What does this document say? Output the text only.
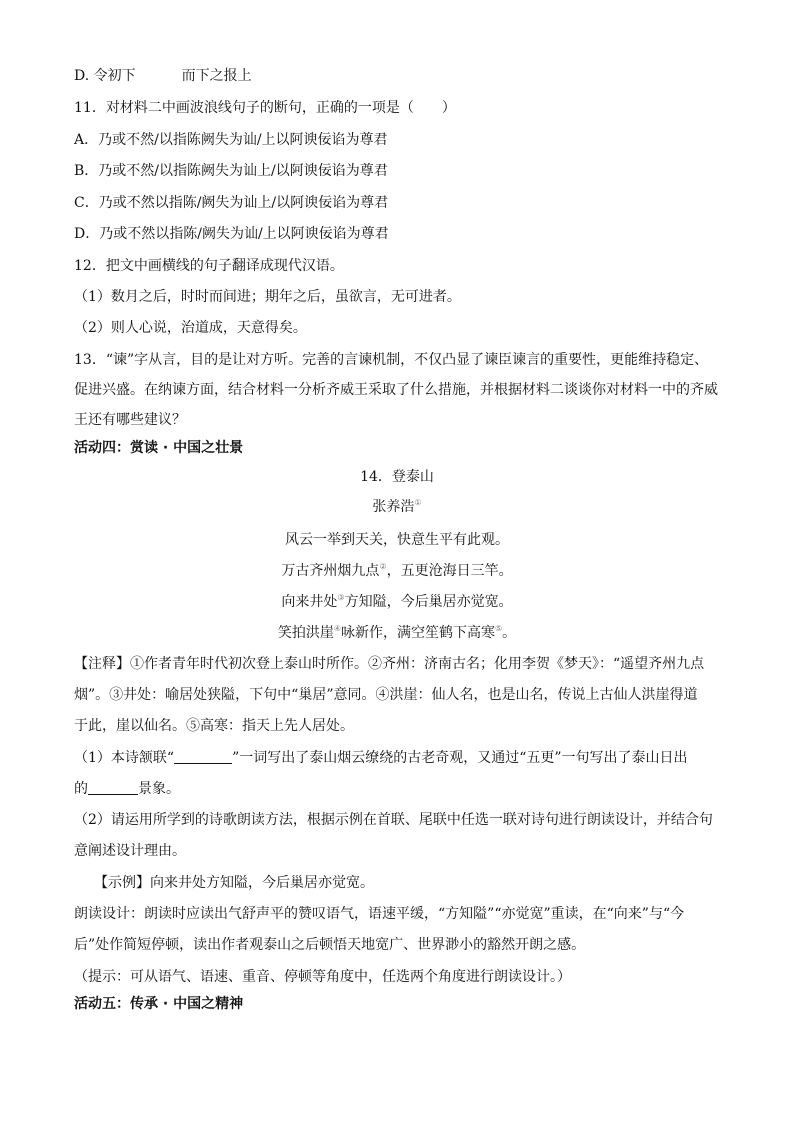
D. 令初下	而下之报上
11．对材料二中画波浪线句子的断句，正确的一项是（　　）
A．乃或不然/以指陈阙失为讪/上以阿谀佞谄为尊君
B．乃或不然/以指陈阙失为讪上/以阿谀佞谄为尊君
C．乃或不然以指陈/阙失为讪上/以阿谀佞谄为尊君
D．乃或不然以指陈/阙失为讪/上以阿谀佞谄为尊君
12．把文中画横线的句子翻译成现代汉语。
（1）数月之后，时时而间进；期年之后，虽欲言，无可进者。
（2）则人心说，治道成，天意得矣。
13．“谏”字从言，目的是让对方听。完善的言谏机制，不仅凸显了谏臣谏言的重要性，更能维持稳定、
促进兴盛。在纳谏方面，结合材料一分析齐威王采取了什么措施，并根据材料二谈谈你对材料一中的齐威
王还有哪些建议？
活动四：赏读 · 中国之壮景
14．登泰山
张养浩①
风云一举到天关，快意生平有此观。
万古齐州烟九点②，五更沧海日三竿。
向来井处③方知隘，今后巢居亦觉宽。
笑拍洪崖④咏新作，满空笙鹤下高寒⑤。
【注释】①作者青年时代初次登上泰山时所作。②齐州：济南古名；化用李贺《梦天》：“遥望齐州九点
烟”。③井处：喻居处狭隘，下句中“巢居”意同。④洪崖：仙人名，也是山名，传说上古仙人洪崖得道
于此，崖以仙名。⑤高寒：指天上先人居处。
（1）本诗颔联“	”一词写出了泰山烟云缭绕的古老奇观，又通过“五更”一句写出了泰山日出
的	景象。
（2）请运用所学到的诗歌朗读方法，根据示例在首联、尾联中任选一联对诗句进行朗读设计，并结合句
意阐述设计理由。
【示例】向来井处方知隘，今后巢居亦觉宽。
朗读设计：朗读时应读出气舒声平的赞叹语气，语速平缓，“方知隘”“亦觉宽”重读，在“向来”与“今
后”处作简短停顿，读出作者观泰山之后顿悟天地宽广、世界渺小的豁然开朗之感。
（提示：可从语气、语速、重音、停顿等角度中，任选两个角度进行朗读设计。）
活动五：传承 · 中国之精神
